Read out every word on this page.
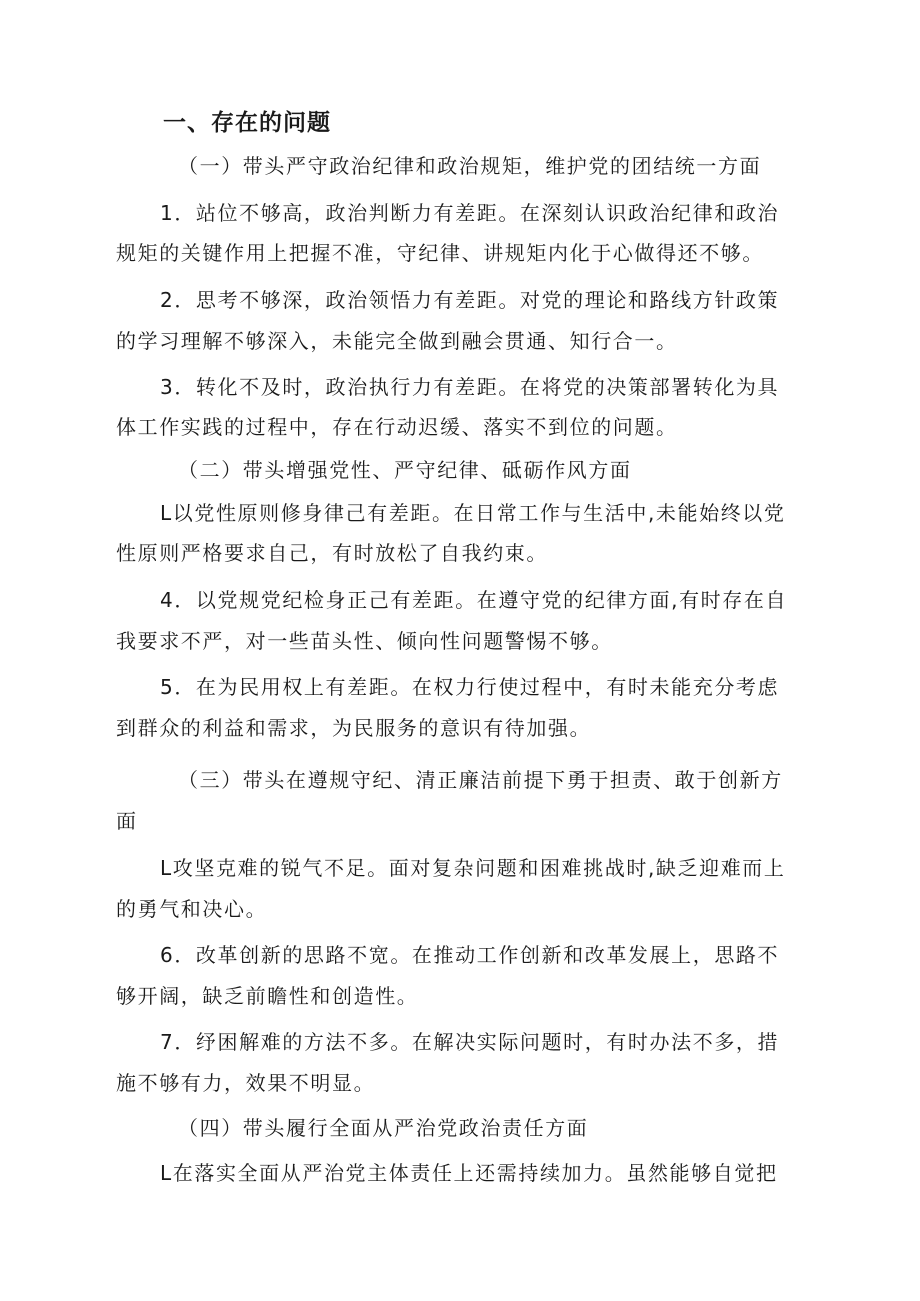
一、存在的问题
（一）带头严守政治纪律和政治规矩，维护党的团结统一方面
1．站位不够高，政治判断力有差距。在深刻认识政治纪律和政治
规矩的关键作用上把握不准，守纪律、讲规矩内化于心做得还不够。
2．思考不够深，政治领悟力有差距。对党的理论和路线方针政策
的学习理解不够深入，未能完全做到融会贯通、知行合一。
3．转化不及时，政治执行力有差距。在将党的决策部署转化为具
体工作实践的过程中，存在行动迟缓、落实不到位的问题。
（二）带头增强党性、严守纪律、砥砺作风方面
L以党性原则修身律己有差距。在日常工作与生活中,未能始终以党
性原则严格要求自己，有时放松了自我约束。
4．以党规党纪检身正己有差距。在遵守党的纪律方面,有时存在自
我要求不严，对一些苗头性、倾向性问题警惕不够。
5．在为民用权上有差距。在权力行使过程中，有时未能充分考虑
到群众的利益和需求，为民服务的意识有待加强。
（三）带头在遵规守纪、清正廉洁前提下勇于担责、敢于创新方
面
L攻坚克难的锐气不足。面对复杂问题和困难挑战时,缺乏迎难而上
的勇气和决心。
6．改革创新的思路不宽。在推动工作创新和改革发展上，思路不
够开阔，缺乏前瞻性和创造性。
7．纾困解难的方法不多。在解决实际问题时，有时办法不多，措
施不够有力，效果不明显。
（四）带头履行全面从严治党政治责任方面
L在落实全面从严治党主体责任上还需持续加力。虽然能够自觉把
